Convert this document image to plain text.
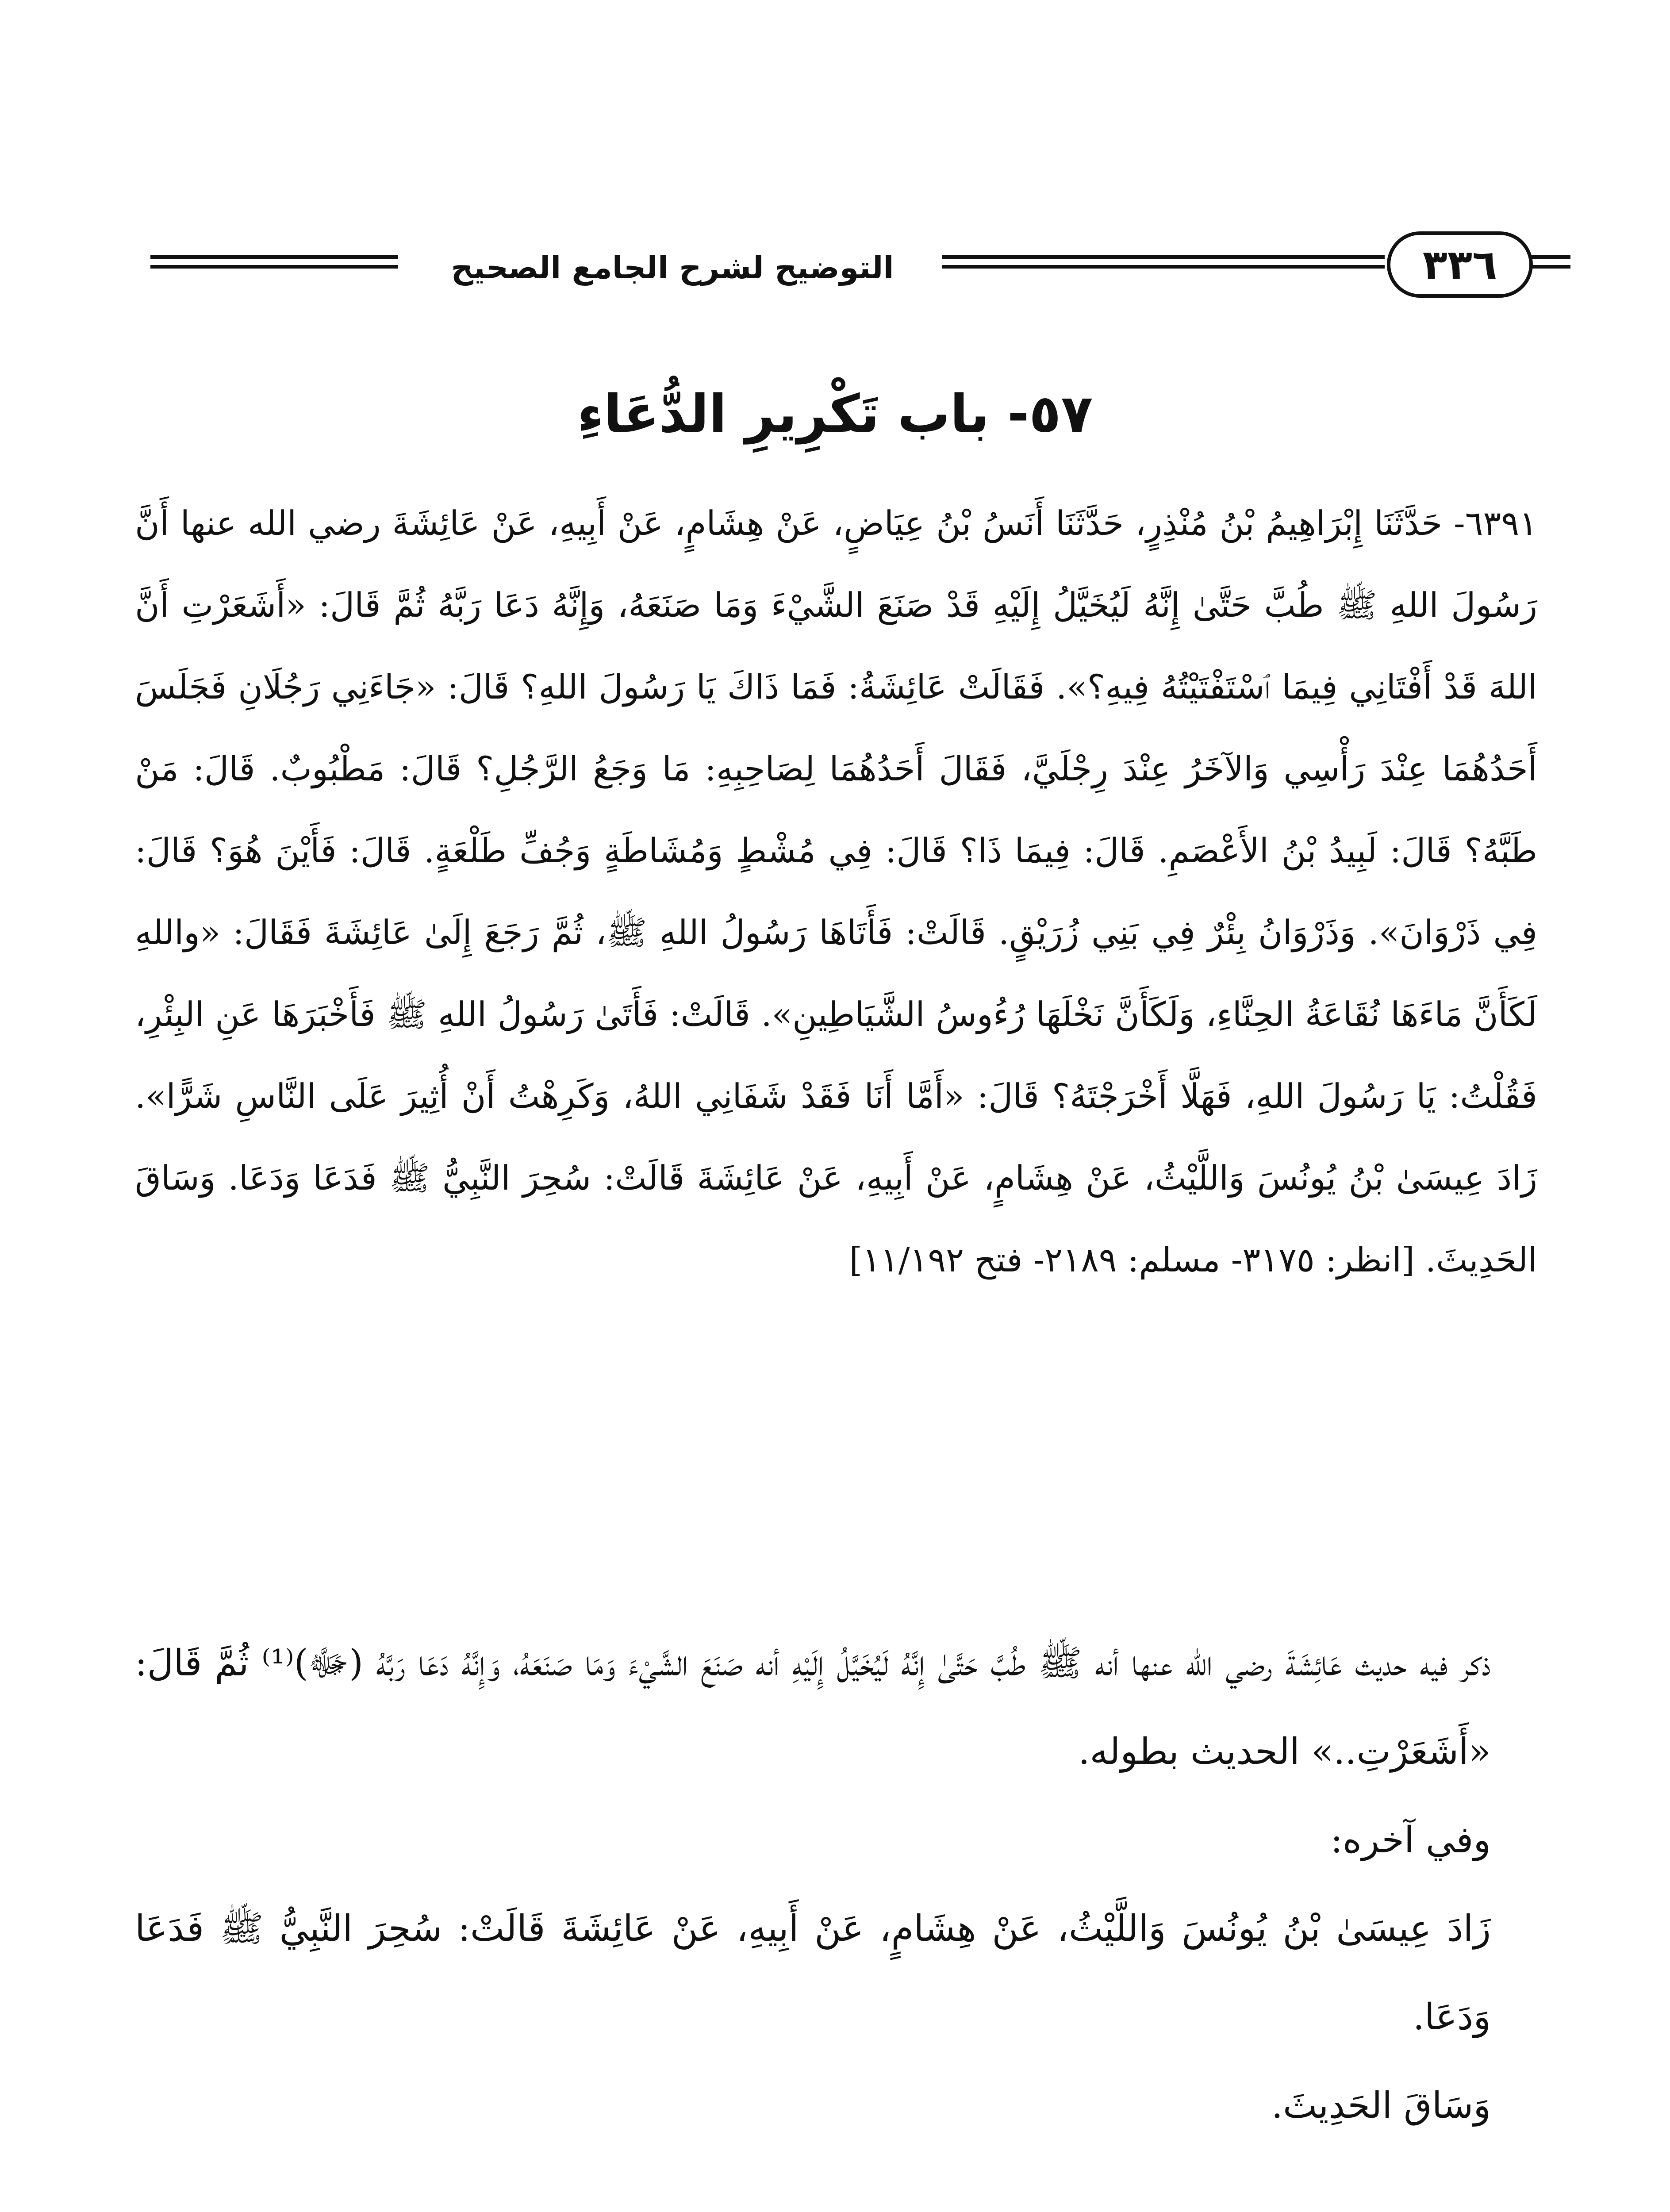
٣٣٦
التوضيح لشرح الجامع الصحيح
٥٧- باب تَكْرِيرِ الدُّعَاءِ
٦٣٩١- حَدَّثَنَا إِبْرَاهِيمُ بْنُ مُنْذِرٍ، حَدَّثَنَا أَنَسُ بْنُ عِيَاضٍ، عَنْ هِشَامٍ، عَنْ أَبِيهِ، عَنْ عَائِشَةَ رضي الله عنها أَنَّ رَسُولَ اللهِ ﷺ طُبَّ حَتَّىٰ إِنَّهُ لَيُخَيَّلُ إِلَيْهِ قَدْ صَنَعَ الشَّيْءَ وَمَا صَنَعَهُ، وَإِنَّهُ دَعَا رَبَّهُ ثُمَّ قَالَ: «أَشَعَرْتِ أَنَّ اللهَ قَدْ أَفْتَانِي فِيمَا ٱسْتَفْتَيْتُهُ فِيهِ؟». فَقَالَتْ عَائِشَةُ: فَمَا ذَاكَ يَا رَسُولَ اللهِ؟ قَالَ: «جَاءَنِي رَجُلَانِ فَجَلَسَ أَحَدُهُمَا عِنْدَ رَأْسِي وَالآخَرُ عِنْدَ رِجْلَيَّ، فَقَالَ أَحَدُهُمَا لِصَاحِبِهِ: مَا وَجَعُ الرَّجُلِ؟ قَالَ: مَطْبُوبٌ. قَالَ: مَنْ طَبَّهُ؟ قَالَ: لَبِيدُ بْنُ الأَعْصَمِ. قَالَ: فِيمَا ذَا؟ قَالَ: فِي مُشْطٍ وَمُشَاطَةٍ وَجُفِّ طَلْعَةٍ. قَالَ: فَأَيْنَ هُوَ؟ قَالَ: فِي ذَرْوَانَ». وَذَرْوَانُ بِئْرٌ فِي بَنِي زُرَيْقٍ. قَالَتْ: فَأَتَاهَا رَسُولُ اللهِ ﷺ، ثُمَّ رَجَعَ إِلَىٰ عَائِشَةَ فَقَالَ: «واللهِ لَكَأَنَّ مَاءَهَا نُقَاعَةُ الحِنَّاءِ، وَلَكَأَنَّ نَخْلَهَا رُءُوسُ الشَّيَاطِينِ». قَالَتْ: فَأَتَىٰ رَسُولُ اللهِ ﷺ فَأَخْبَرَهَا عَنِ البِئْرِ، فَقُلْتُ: يَا رَسُولَ اللهِ، فَهَلَّا أَخْرَجْتَهُ؟ قَالَ: «أَمَّا أَنَا فَقَدْ شَفَانِي اللهُ، وَكَرِهْتُ أَنْ أُثِيرَ عَلَى النَّاسِ شَرًّا». زَادَ عِيسَىٰ بْنُ يُونُسَ وَاللَّيْثُ، عَنْ هِشَامٍ، عَنْ أَبِيهِ، عَنْ عَائِشَةَ قَالَتْ: سُحِرَ النَّبِيُّ ﷺ فَدَعَا وَدَعَا. وَسَاقَ الحَدِيثَ. [انظر: ٣١٧٥- مسلم: ٢١٨٩- فتح ١١/١٩٢]

ذكر فيه حديث عَائِشَةَ رضي الله عنها أنه ﷺ طُبَّ حَتَّىٰ إِنَّهُ لَيُخَيَّلُ إِلَيْهِ أنه صَنَعَ الشَّيْءَ وَمَا صَنَعَهُ، وَإِنَّهُ دَعَا رَبَّهُ (ﷻ)⁽¹⁾ ثُمَّ قَالَ: «أَشَعَرْتِ..» الحديث بطوله.

وفي آخره:

زَادَ عِيسَىٰ بْنُ يُونُسَ وَاللَّيْثُ، عَنْ هِشَامٍ، عَنْ أَبِيهِ، عَنْ عَائِشَةَ قَالَتْ: سُحِرَ النَّبِيُّ ﷺ فَدَعَا وَدَعَا.

وَسَاقَ الحَدِيثَ.
